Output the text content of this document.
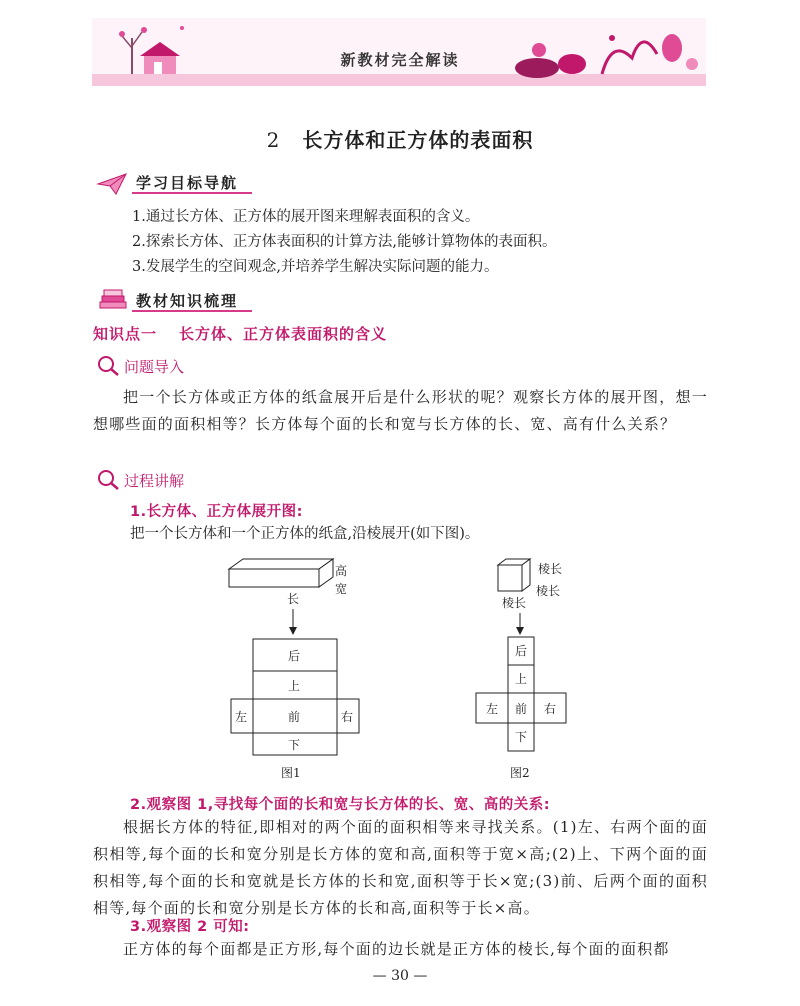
新教材完全解读
2 长方体和正方体的表面积
学习目标导航
1.通过长方体、正方体的展开图来理解表面积的含义。
2.探索长方体、正方体表面积的计算方法,能够计算物体的表面积。
3.发展学生的空间观念,并培养学生解决实际问题的能力。
教材知识梳理
知识点一 长方体、正方体表面积的含义
问题导入
把一个长方体或正方体的纸盒展开后是什么形状的呢？观察长方体的展开图，想一想哪些面的面积相等？长方体每个面的长和宽与长方体的长、宽、高有什么关系？
过程讲解
1.长方体、正方体展开图:
把一个长方体和一个正方体的纸盒,沿棱展开(如下图)。
高
宽
长
后
上
左	前	右
下
图1
棱长
棱长
棱长
后
上
左 前 右
下
图2
2.观察图 1,寻找每个面的长和宽与长方体的长、宽、高的关系:
根据长方体的特征,即相对的两个面的面积相等来寻找关系。(1)左、右两个面的面积相等,每个面的长和宽分别是长方体的宽和高,面积等于宽×高;(2)上、下两个面的面积相等,每个面的长和宽就是长方体的长和宽,面积等于长×宽;(3)前、后两个面的面积相等,每个面的长和宽分别是长方体的长和高,面积等于长×高。
3.观察图 2 可知:
正方体的每个面都是正方形,每个面的边长就是正方体的棱长,每个面的面积都
— 30 —
